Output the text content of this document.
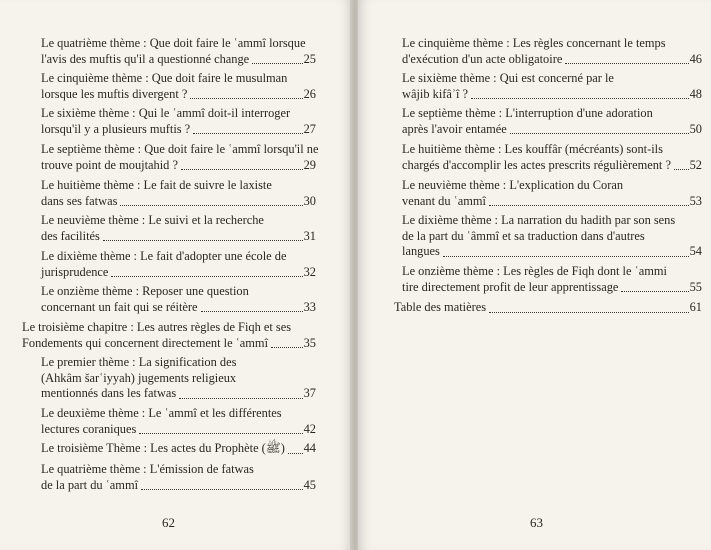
Le quatrième thème : Que doit faire le ʿammî lorsque
l'avis des muftis qu'il a questionné change	25
Le cinquième thème : Que doit faire le musulman
lorsque les muftis divergent ?	26
Le sixième thème : Qui le ʿammî doit-il interroger
lorsqu'il y a plusieurs muftis ?	27
Le septième thème : Que doit faire le ʿammî lorsqu'il ne
trouve point de moujtahid ?	29
Le huitième thème : Le fait de suivre le laxiste
dans ses fatwas	30
Le neuvième thème : Le suivi et la recherche
des facilités	31
Le dixième thème : Le fait d'adopter une école de
jurisprudence	32
Le onzième thème : Reposer une question
concernant un fait qui se réitère	33
Le troisième chapitre : Les autres règles de Fiqh et ses
Fondements qui concernent directement le ʿammî	35
Le premier thème : La signification des
(Ahkâm šarʿiyyah) jugements religieux
mentionnés dans les fatwas	37
Le deuxième thème : Le ʿammî et les différentes
lectures coraniques	42
Le troisième Thème : Les actes du Prophète (ﷺ) 44
Le quatrième thème : L'émission de fatwas
de la part du ʿammî	45
62
Le cinquième thème : Les règles concernant le temps
d'exécution d'un acte obligatoire	46
Le sixième thème : Qui est concerné par le
wâjib kifâʾî ?	48
Le septième thème : L'interruption d'une adoration
après l'avoir entamée	50
Le huitième thème : Les kouffâr (mécréants) sont-ils
chargés d'accomplir les actes prescrits régulièrement ? 52
Le neuvième thème : L'explication du Coran
venant du ʿammî	53
Le dixième thème : La narration du hadith par son sens
de la part du ʿâmmî et sa traduction dans d'autres
langues	54
Le onzième thème : Les règles de Fiqh dont le ʿammi
tire directement profit de leur apprentissage	55
Table des matières	61
63
